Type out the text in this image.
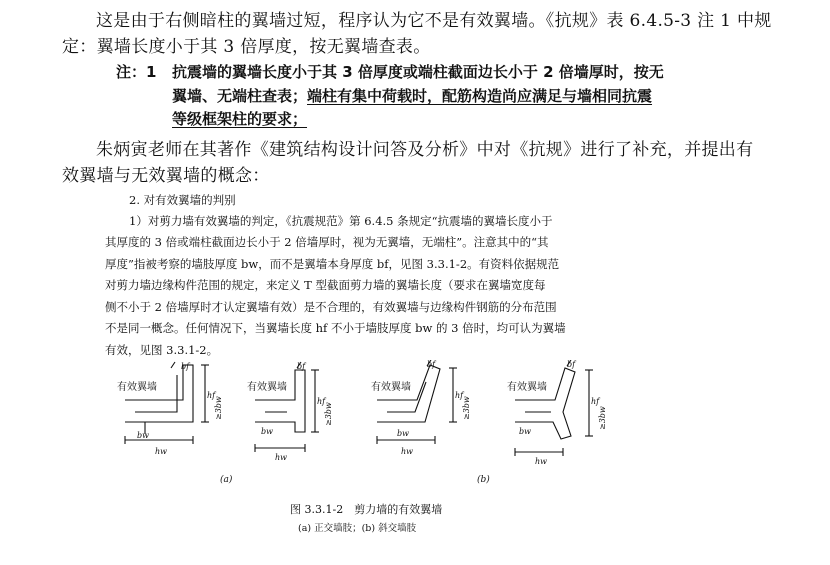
这是由于右侧暗柱的翼墙过短，程序认为它不是有效翼墙。《抗规》表 6.4.5-3 注 1 中规
定：翼墙长度小于其 3 倍厚度，按无翼墙查表。
注：1 抗震墙的翼墙长度小于其 3 倍厚度或端柱截面边长小于 2 倍墙厚时，按无
翼墙、无端柱查表；端柱有集中荷载时，配筋构造尚应满足与墙相同抗震
等级框架柱的要求；
朱炳寅老师在其著作《建筑结构设计问答及分析》中对《抗规》进行了补充，并提出有
效翼墙与无效翼墙的概念：
2. 对有效翼墙的判别
1）对剪力墙有效翼墙的判定，《抗震规范》第 6.4.5 条规定“抗震墙的翼墙长度小于
其厚度的 3 倍或端柱截面边长小于 2 倍墙厚时，视为无翼墙，无端柱”。注意其中的“其
厚度”指被考察的墙肢厚度 bw，而不是翼墙本身厚度 bf，见图 3.3.1-2。有资料依据规范
对剪力墙边缘构件范围的规定，来定义 T 型截面剪力墙的翼墙长度（要求在翼墙宽度每
侧不小于 2 倍墙厚时才认定翼墙有效）是不合理的，有效翼墙与边缘构件钢筋的分布范围
不是同一概念。任何情况下，当翼墙长度 hf 不小于墙肢厚度 bw 的 3 倍时，均可认为翼墙
有效，见图 3.3.1-2。
有效翼墙	有效翼墙	有效翼墙	有效翼墙
bf	bf	bf	bf
bw	bw	bw	bw
hw
hw
hw
hw
hf
hf
hf
hf
≥3bw	≥3bw	≥3bw	≥3bw
(a)	(b)
图 3.3.1-2　剪力墙的有效翼墙
(a) 正交墙肢；(b) 斜交墙肢
